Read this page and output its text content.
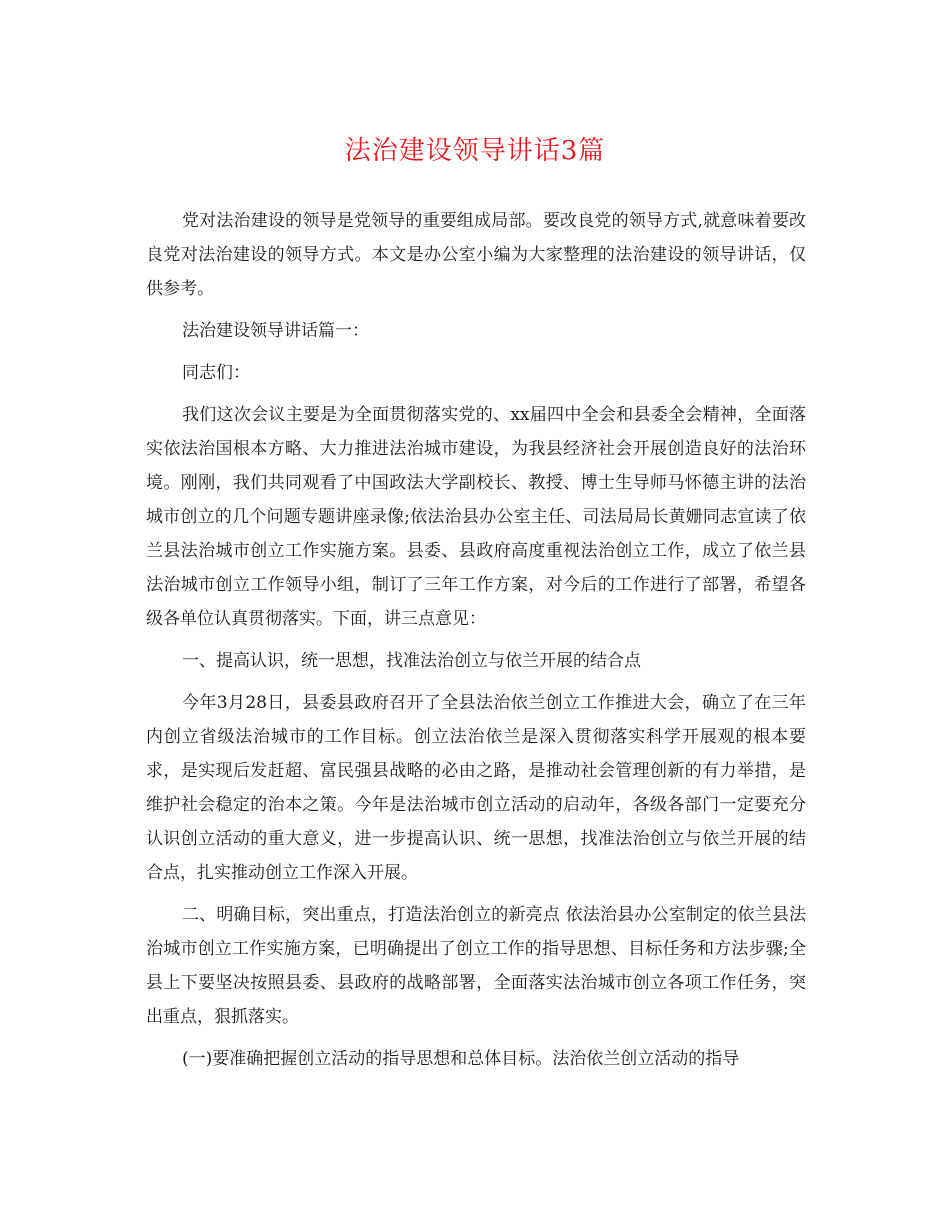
法治建设领导讲话3篇

党对法治建设的领导是党领导的重要组成局部。要改良党的领导方式,就意味着要改良党对法治建设的领导方式。本文是办公室小编为大家整理的法治建设的领导讲话，仅供参考。

法治建设领导讲话篇一：

同志们：

我们这次会议主要是为全面贯彻落实党的、xx届四中全会和县委全会精神，全面落实依法治国根本方略、大力推进法治城市建设，为我县经济社会开展创造良好的法治环境。刚刚，我们共同观看了中国政法大学副校长、教授、博士生导师马怀德主讲的法治城市创立的几个问题专题讲座录像;依法治县办公室主任、司法局局长黄姗同志宣读了依兰县法治城市创立工作实施方案。县委、县政府高度重视法治创立工作，成立了依兰县法治城市创立工作领导小组，制订了三年工作方案，对今后的工作进行了部署，希望各级各单位认真贯彻落实。下面，讲三点意见：

一、提高认识，统一思想，找准法治创立与依兰开展的结合点

今年3月28日，县委县政府召开了全县法治依兰创立工作推进大会，确立了在三年内创立省级法治城市的工作目标。创立法治依兰是深入贯彻落实科学开展观的根本要求，是实现后发赶超、富民强县战略的必由之路，是推动社会管理创新的有力举措，是维护社会稳定的治本之策。今年是法治城市创立活动的启动年，各级各部门一定要充分认识创立活动的重大意义，进一步提高认识、统一思想，找准法治创立与依兰开展的结合点，扎实推动创立工作深入开展。

二、明确目标，突出重点，打造法治创立的新亮点 依法治县办公室制定的依兰县法治城市创立工作实施方案，已明确提出了创立工作的指导思想、目标任务和方法步骤;全县上下要坚决按照县委、县政府的战略部署，全面落实法治城市创立各项工作任务，突出重点，狠抓落实。

(一)要准确把握创立活动的指导思想和总体目标。法治依兰创立活动的指导
